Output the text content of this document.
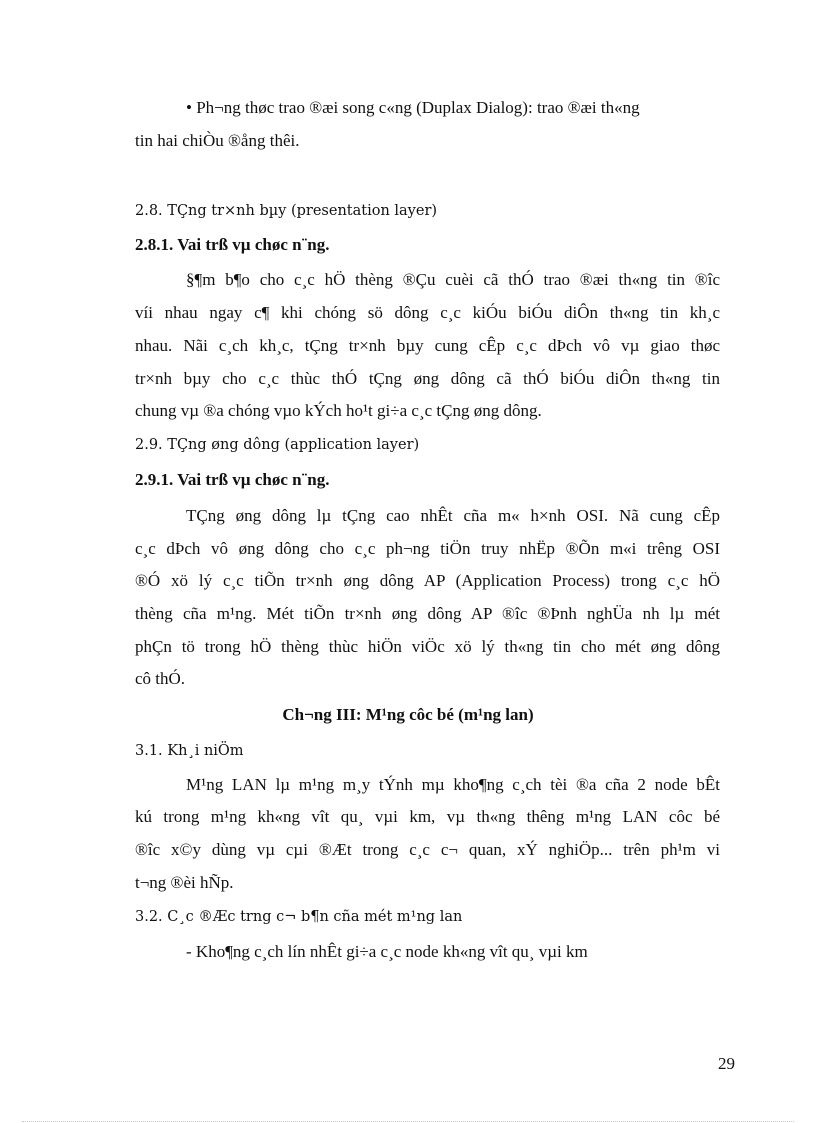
• Ph¬ng thøc trao ®æi song c«ng (Duplax Dialog): trao ®æi th«ng
tin hai chiÒu ®ång thêi.
2.8. TÇng tr×nh bµy (presentation layer)
2.8.1. Vai trß vµ chøc n¨ng.
§¶m b¶o cho c¸c hÖ thèng ®Çu cuèi cã thÓ trao ®æi th«ng tin ®îc
víi nhau ngay c¶ khi chóng sö dông c¸c kiÓu biÓu diÔn th«ng tin kh¸c
nhau. Nãi c¸ch kh¸c, tÇng tr×nh bµy cung cÊp c¸c dÞch vô vµ giao thøc
tr×nh bµy cho c¸c thùc thÓ tÇng øng dông cã thÓ biÓu diÔn th«ng tin
chung vµ ®a chóng vµo kÝch ho¹t gi÷a c¸c tÇng øng dông.
2.9. TÇng øng dông (application layer)
2.9.1. Vai trß vµ chøc n¨ng.
TÇng øng dông lµ tÇng cao nhÊt cña m« h×nh OSI. Nã cung cÊp
c¸c dÞch vô øng dông cho c¸c ph¬ng tiÖn truy nhËp ®Õn m«i trêng OSI
®Ó xö lý c¸c tiÕn tr×nh øng dông AP (Application Process) trong c¸c hÖ
thèng cña m¹ng. Mét tiÕn tr×nh øng dông AP ®îc ®Þnh nghÜa nh lµ mét
phÇn tö trong hÖ thèng thùc hiÖn viÖc xö lý th«ng tin cho mét øng dông
cô thÓ.
Ch¬ng III: M¹ng côc bé (m¹ng lan)
3.1. Kh¸i niÖm
M¹ng LAN lµ m¹ng m¸y tÝnh mµ kho¶ng c¸ch tèi ®a cña 2 node bÊt
kú trong m¹ng kh«ng vît qu¸ vµi km, vµ th«ng thêng m¹ng LAN côc bé
®îc x©y dùng vµ cµi ®Æt trong c¸c c¬ quan, xÝ nghiÖp... trên ph¹m vi
t¬ng ®èi hÑp.
3.2. C¸c ®Æc trng c¬ b¶n cña mét m¹ng lan
- Kho¶ng c¸ch lín nhÊt gi÷a c¸c node kh«ng vît qu¸ vµi km
29
